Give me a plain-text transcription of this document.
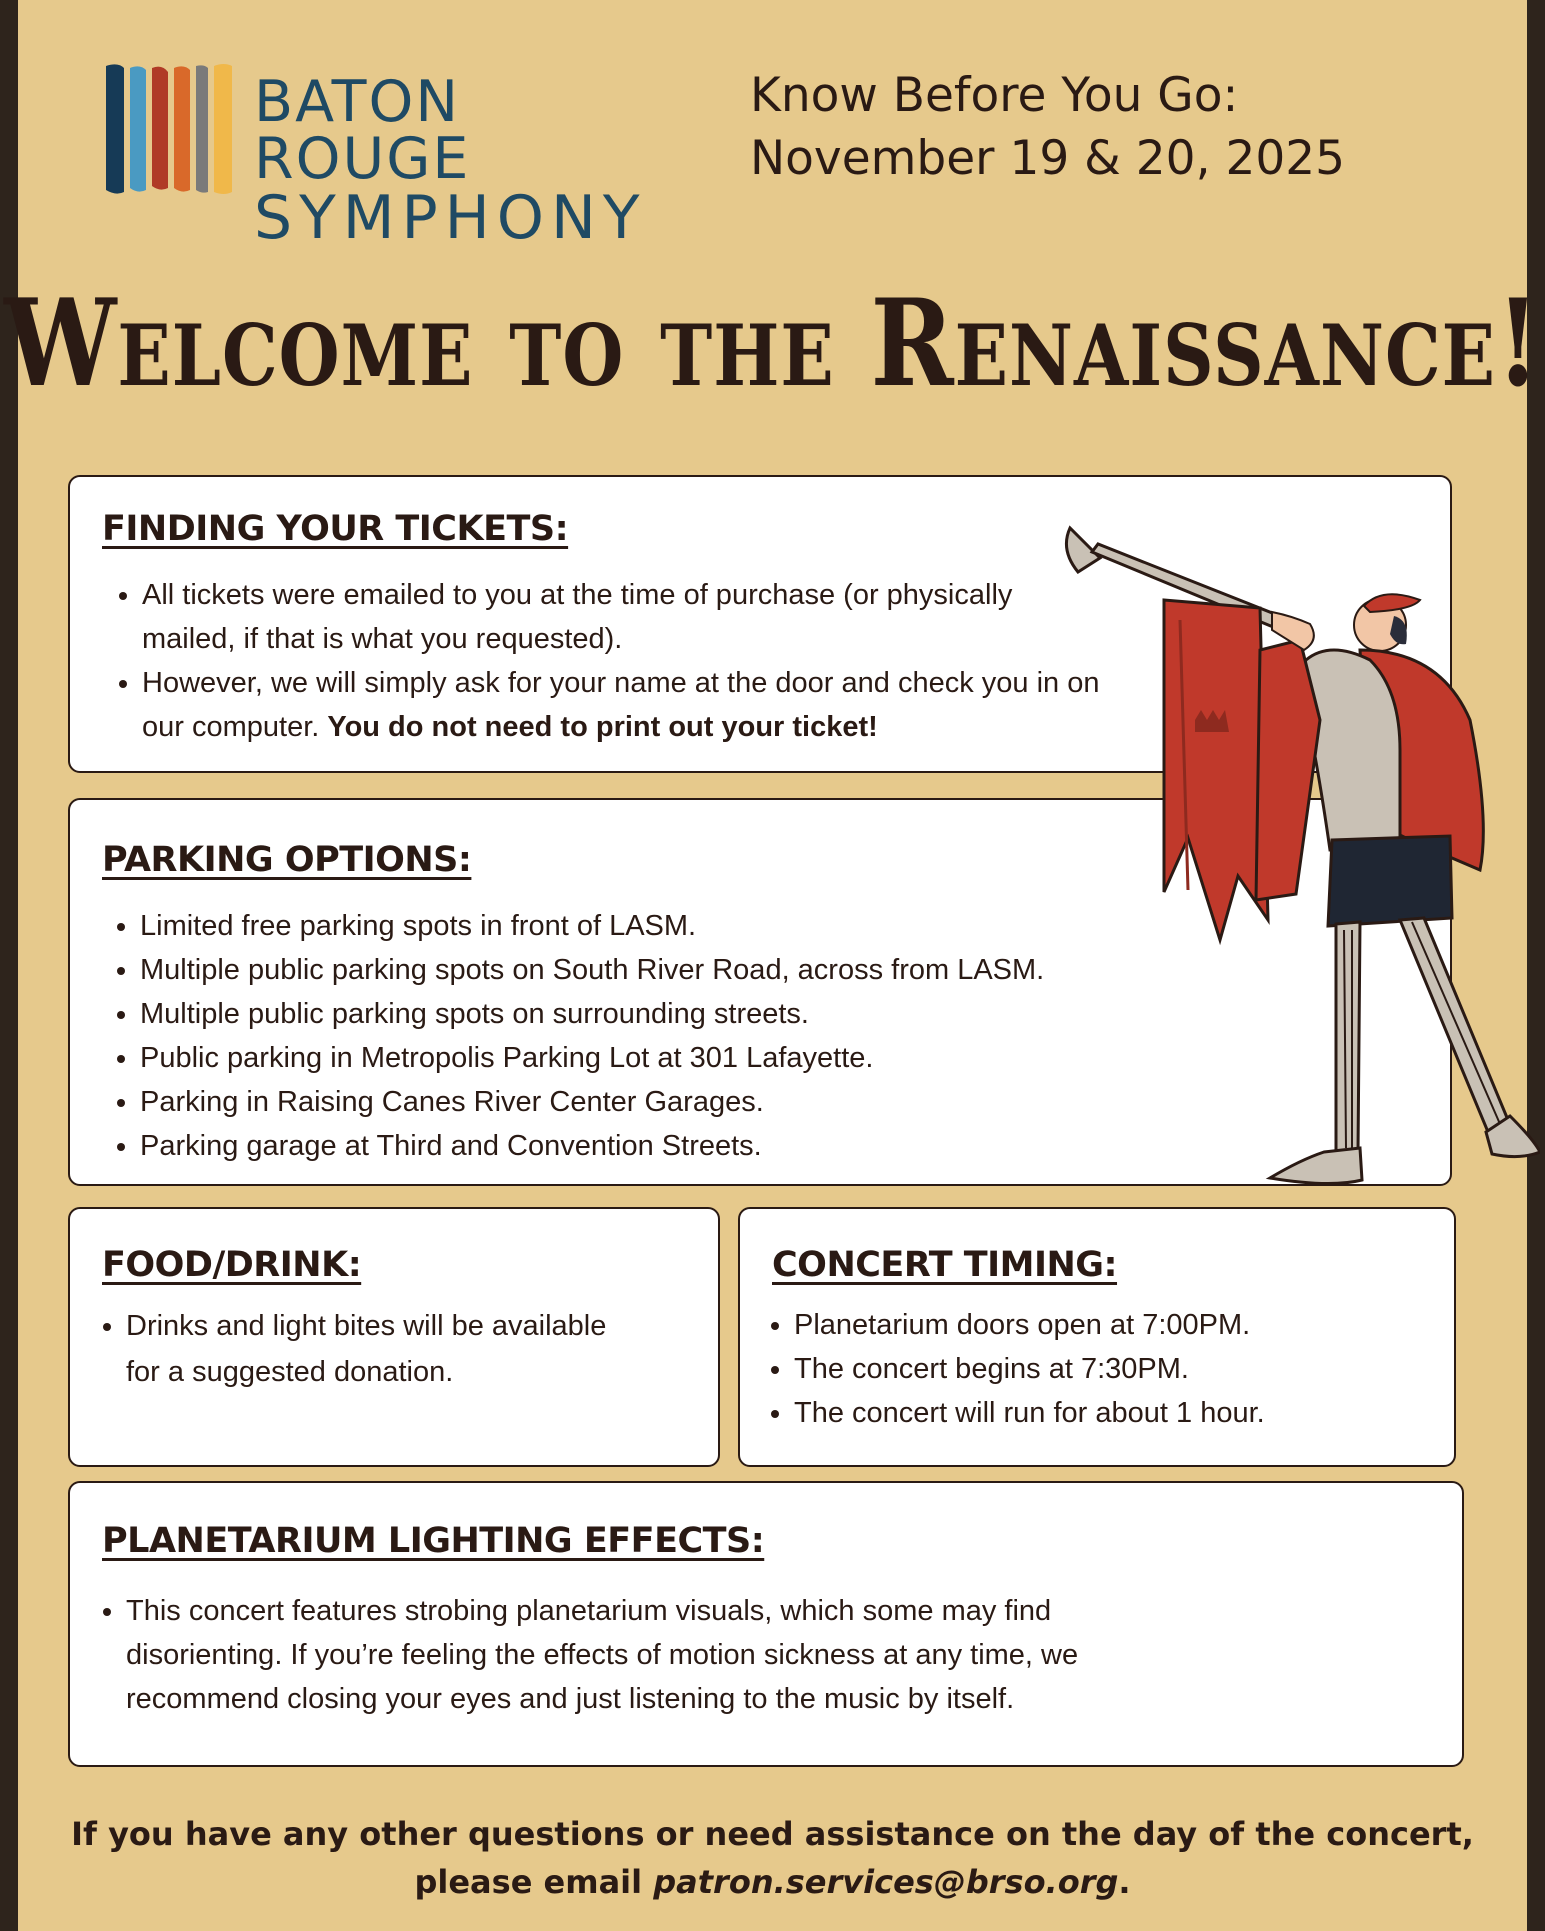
BATON ROUGE
SYMPHONY
Know Before You Go:
November 19 & 20, 2025
Welcome to the Renaissance!
FINDING YOUR TICKETS:
• All tickets were emailed to you at the time of purchase (or physically mailed, if that is what you requested).
• However, we will simply ask for your name at the door and check you in on our computer. You do not need to print out your ticket!
PARKING OPTIONS:
• Limited free parking spots in front of LASM.
• Multiple public parking spots on South River Road, across from LASM.
• Multiple public parking spots on surrounding streets.
• Public parking in Metropolis Parking Lot at 301 Lafayette.
• Parking in Raising Canes River Center Garages.
• Parking garage at Third and Convention Streets.
FOOD/DRINK:
• Drinks and light bites will be available for a suggested donation.
CONCERT TIMING:
• Planetarium doors open at 7:00PM.
• The concert begins at 7:30PM.
• The concert will run for about 1 hour.
PLANETARIUM LIGHTING EFFECTS:
• This concert features strobing planetarium visuals, which some may find disorienting. If you’re feeling the effects of motion sickness at any time, we recommend closing your eyes and just listening to the music by itself.
If you have any other questions or need assistance on the day of the concert,
please email patron.services@brso.org.
